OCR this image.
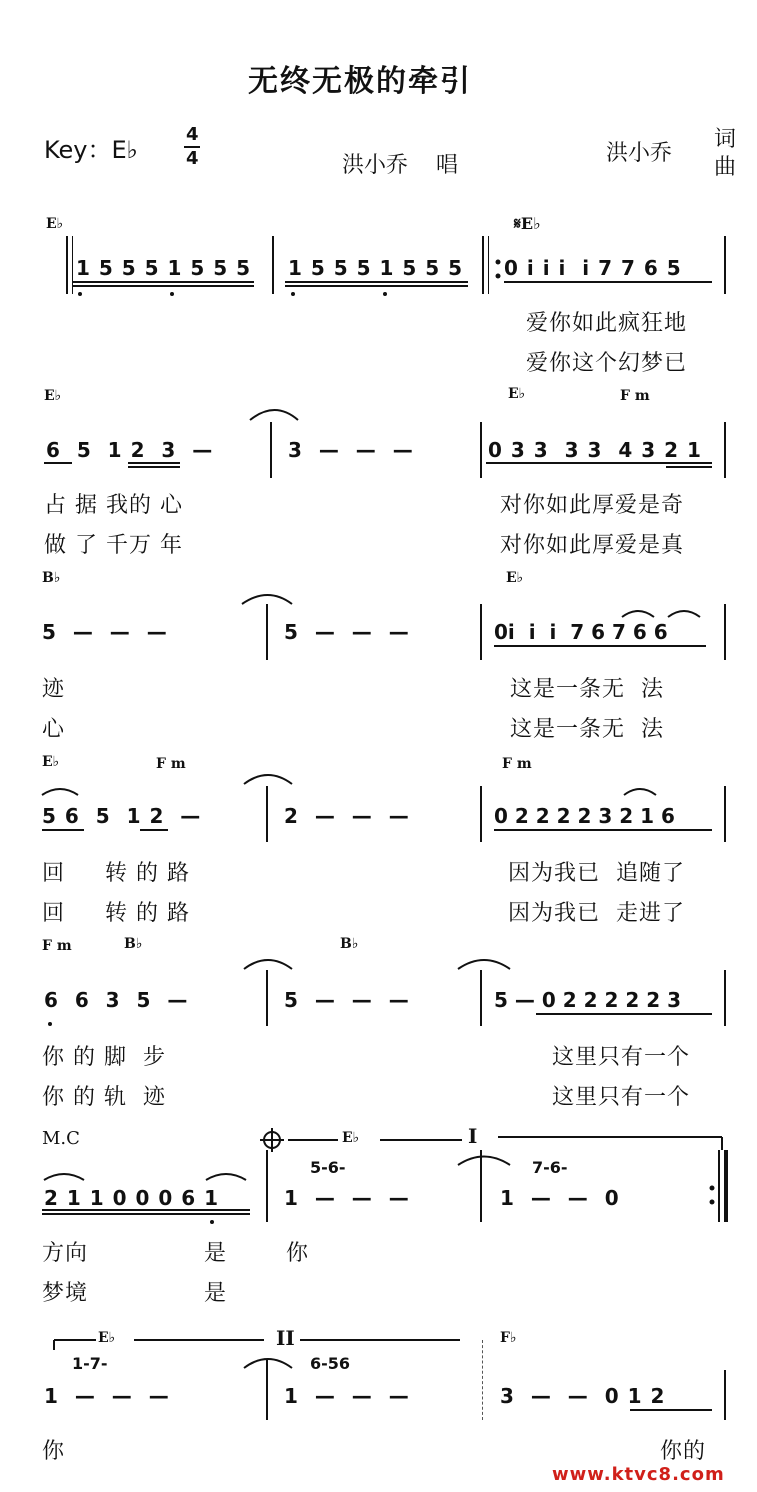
无终无极的牵引
Key：E♭
4
4	洪小乔    唱	洪小乔
词
曲
E♭	𝄋E♭
1 5 5 5 1 5 5 5 1 5 5 5 1 5 5 5 0 i i i  i 7 7 6 5
爱你如此疯狂地
爱你这个幻梦已
E♭	E♭	F m
6  5  1 2  3  —	3  —  —  —	0 3 3  3 3  4 3 2 1
占 据 我的 心
做 了 千万 年
对你如此厚爱是奇
对你如此厚爱是真
B♭	E♭
5  —  —  —	5  —  —  —	0i  i  i  7 6 7 6 6
迹
心
这是一条无  法
这是一条无  法
E♭	F m	F m
5 6  5  1 2  —	2  —  —  —	0 2 2 2 2 3 2 1 6
回     转 的 路
回     转 的 路
因为我已  追随了
因为我已  走进了
F m	B♭	B♭
6  6  3  5  —	5  —  —  —	5 — 0 2 2 2 2 2 3
你 的 脚  步
你 的 轨  迹
这里只有一个
这里只有一个
M.C	E♭	I
5-6-	7-6-
2 1 1 0 0 0 6 1	1  —  —  —	1  —  —  0
方向	是	你
梦境	是
E♭	F♭
II
1-7-	6-56
1  —  —  —	1  —  —  —	3  —  —  0 1 2
你	你的
www.ktvc8.com
